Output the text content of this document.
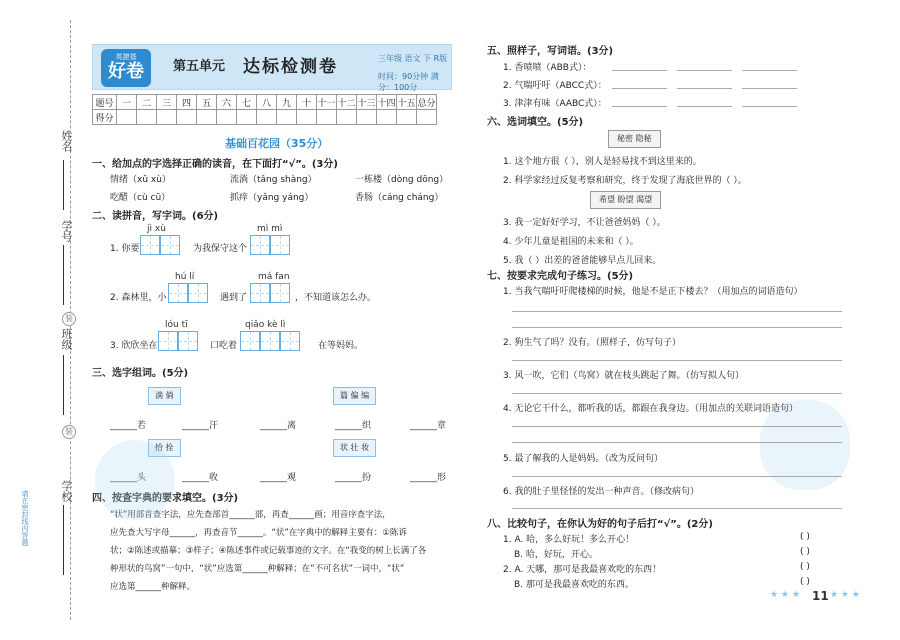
姓名
学号
装
班级
装
学校
请在密封线内答题
英捷基
好卷	第五单元 达标检测卷	三年级 语文 下 R版
时间：90分钟 满分：100分
题号	一	二	三	四	五	六	七	八	九	十	十一	十二	十三	十四	十五	总分
得分																
基础百花园（35分）
一、给加点的字选择正确的读音，在下面打“√”。(3分)
情绪（xǔ xù）	流淌（tǎng shàng）	一栋楼（dòng dōng）
吃醋（cù cū）	抓痒（yǎng yáng）	香肠（cáng cháng）
二、读拼音，写字词。(6分)
jì xù	mì mì
1. 你要	为我保守这个
hú lí	má fan
2. 森林里，小	遇到了	，不知道该怎么办。
lóu tī	qiǎo kè lì
3. 欣欣坐在	口吃着	在等妈妈。
三、选字组词。(5分)
淌 倘	篇 偏 编
______若	______汗	______离	______织	______章
拾 拴	状 壮 妆
______头	______收	______观	______扮	______形
四、按查字典的要求填空。(3分)
“状”用部首查字法，应先查部首______部，再查______画；用音序查字法，
应先查大写字母______，再查音节______。“状”在字典中的解释主要有：①陈诉
状；②陈述或描摹；③样子；④陈述事件或记载事迹的文字。在“我变的树上长满了各
种形状的鸟窝”一句中，“状”应选第______种解释；在“不可名状”一词中，“状”
应选第______种解释。
五、照样子，写词语。(3分)
1. 香喷喷（ABB式）：
2. 气喘吁吁（ABCC式）：
3. 津津有味（AABC式）：
六、选词填空。(5分)
秘密 隐秘
1. 这个地方很（ ），别人是轻易找不到这里来的。
2. 科学家经过反复考察和研究，终于发现了海底世界的（ ）。
希望 盼望 渴望
3. 我一定好好学习，不让爸爸妈妈（ ）。
4. 少年儿童是祖国的未来和（ ）。
5. 我（ ）出差的爸爸能够早点儿回来。
七、按要求完成句子练习。(5分)
1. 当我气喘吁吁爬楼梯的时候，他是不是正下楼去？（用加点的词语造句）
2. 狗生气了吗？没有。（照样子，仿写句子）
3. 风一吹，它们（鸟窝）就在枝头跳起了舞。（仿写拟人句）
4. 无论它干什么，都听我的话，都跟在我身边。（用加点的关联词语造句）
5. 最了解我的人是妈妈。（改为反问句）
6. 我的肚子里怪怪的发出一种声音。（修改病句）
八、比较句子，在你认为好的句子后打“√”。(2分)
1. A. 哈，多么好玩！多么开心！	( )
B. 哈，好玩，开心。	( )
2. A. 天哪，那可是我最喜欢吃的东西！	( )
B. 那可是我最喜欢吃的东西。	( )
★ ★ ★ 11 ★ ★ ★
